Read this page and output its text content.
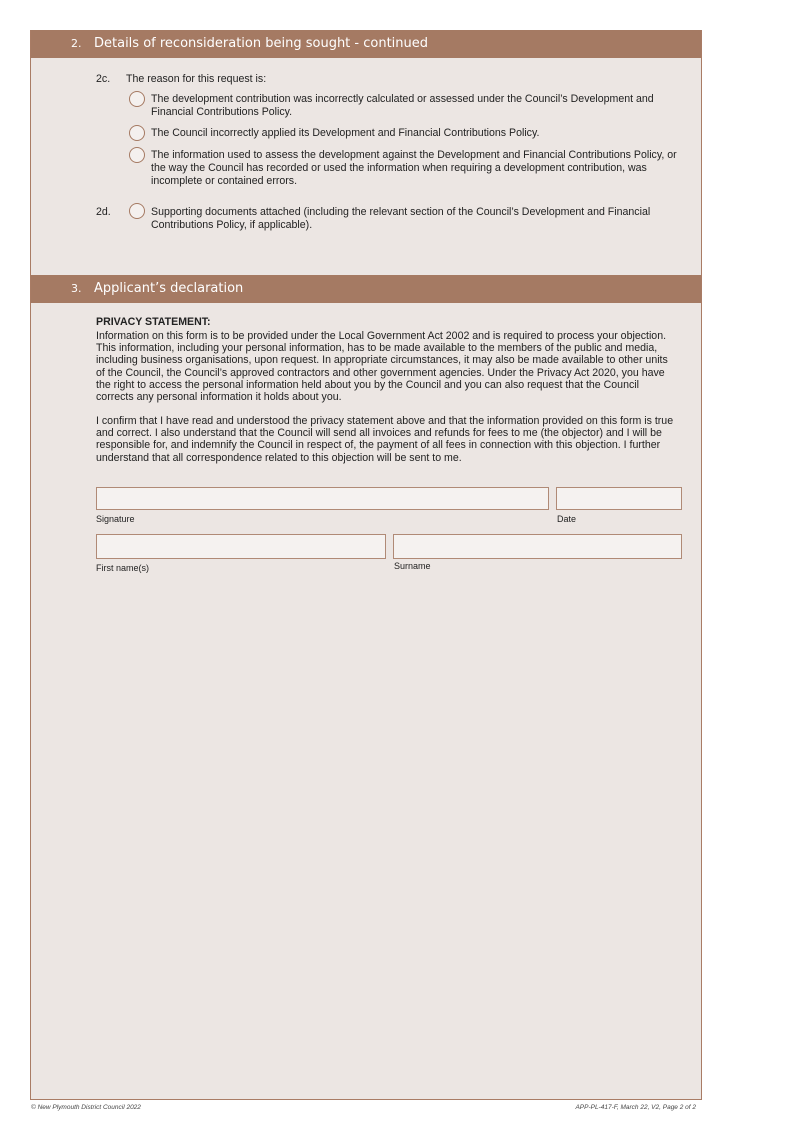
2. Details of reconsideration being sought - continued
2c. The reason for this request is:
The development contribution was incorrectly calculated or assessed under the Council’s Development and Financial Contributions Policy.
The Council incorrectly applied its Development and Financial Contributions Policy.
The information used to assess the development against the Development and Financial Contributions Policy, or the way the Council has recorded or used the information when requiring a development contribution, was incomplete or contained errors.
2d.	Supporting documents attached (including the relevant section of the Council’s Development and Financial Contributions Policy, if applicable).
3. Applicant’s declaration
PRIVACY STATEMENT:
Information on this form is to be provided under the Local Government Act 2002 and is required to process your objection. This information, including your personal information, has to be made available to the members of the public and media, including business organisations, upon request. In appropriate circumstances, it may also be made available to other units of the Council, the Council’s approved contractors and other government agencies. Under the Privacy Act 2020, you have the right to access the personal information held about you by the Council and you can also request that the Council corrects any personal information it holds about you.
I confirm that I have read and understood the privacy statement above and that the information provided on this form is true and correct. I also understand that the Council will send all invoices and refunds for fees to me (the objector) and I will be responsible for, and indemnify the Council in respect of, the payment of all fees in connection with this objection. I further understand that all correspondence related to this objection will be sent to me.
Signature	Date
First name(s)	Surname
© New Plymouth District Council 2022	APP-PL-417-F, March 22, V2, Page 2 of 2
